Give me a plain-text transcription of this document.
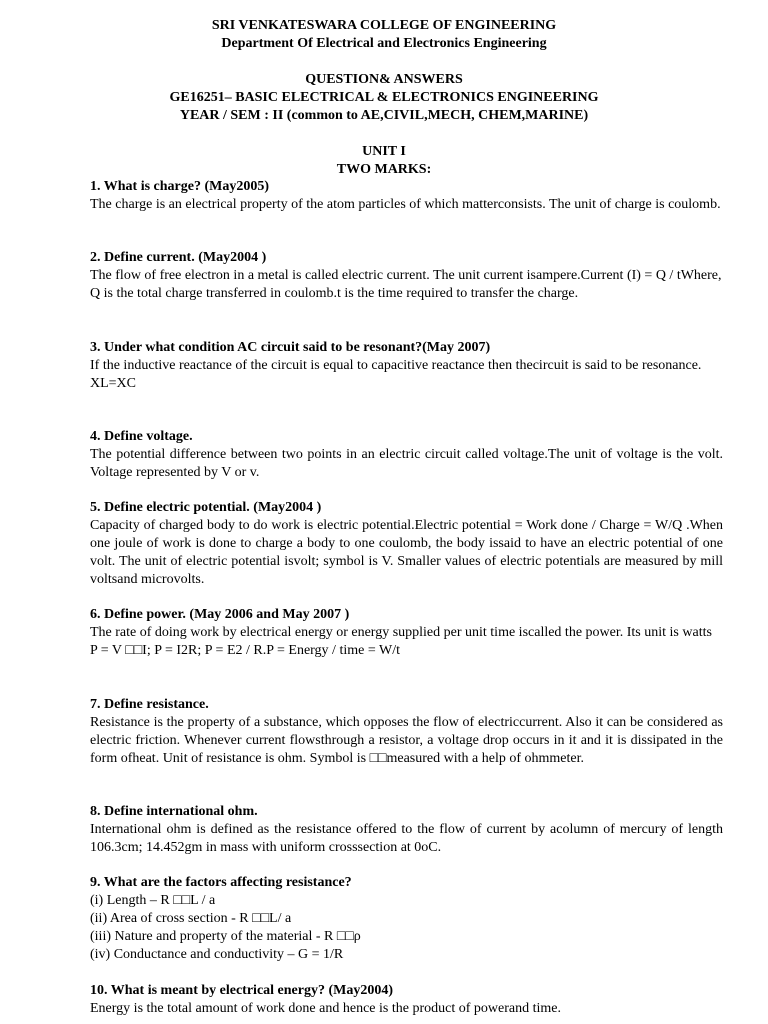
SRI VENKATESWARA COLLEGE OF ENGINEERING
Department Of Electrical and Electronics Engineering
QUESTION& ANSWERS
GE16251– BASIC ELECTRICAL & ELECTRONICS ENGINEERING
YEAR / SEM : II (common to AE,CIVIL,MECH, CHEM,MARINE)
UNIT I
TWO MARKS:
1. What is charge? (May2005)
The charge is an electrical property of the atom particles of which matterconsists. The unit of charge is coulomb.
2. Define current. (May2004 )
The flow of free electron in a metal is called electric current. The unit current isampere.Current (I) = Q / tWhere,
Q is the total charge transferred in coulomb.t is the time required to transfer the charge.
3. Under what condition AC circuit said to be resonant?(May 2007)
If the inductive reactance of the circuit is equal to capacitive reactance then thecircuit is said to be resonance.
XL=XC
4. Define voltage.
The potential difference between two points in an electric circuit called voltage.The unit of voltage is the volt. Voltage represented by V or v.
5. Define electric potential. (May2004 )
Capacity of charged body to do work is electric potential.Electric potential = Work done / Charge = W/Q .When one joule of work is done to charge a body to one coulomb, the body issaid to have an electric potential of one volt. The unit of electric potential isvolt; symbol is V. Smaller values of electric potentials are measured by mill voltsand microvolts.
6. Define power. (May 2006 and May 2007 )
The rate of doing work by electrical energy or energy supplied per unit time iscalled the power. Its unit is watts
P = V □□I; P = I2R; P = E2 / R.P = Energy / time = W/t
7. Define resistance.
Resistance is the property of a substance, which opposes the flow of electriccurrent. Also it can be considered as electric friction. Whenever current flowsthrough a resistor, a voltage drop occurs in it and it is dissipated in the form ofheat. Unit of resistance is ohm. Symbol is □□measured with a help of ohmmeter.
8. Define international ohm.
International ohm is defined as the resistance offered to the flow of current by acolumn of mercury of length 106.3cm; 14.452gm in mass with uniform crosssection at 0oC.
9. What are the factors affecting resistance?
(i) Length – R □□L / a
(ii) Area of cross section - R □□L/ a
(iii) Nature and property of the material - R □□ρ
(iv) Conductance and conductivity – G = 1/R
10. What is meant by electrical energy? (May2004)
Energy is the total amount of work done and hence is the product of powerand time.
